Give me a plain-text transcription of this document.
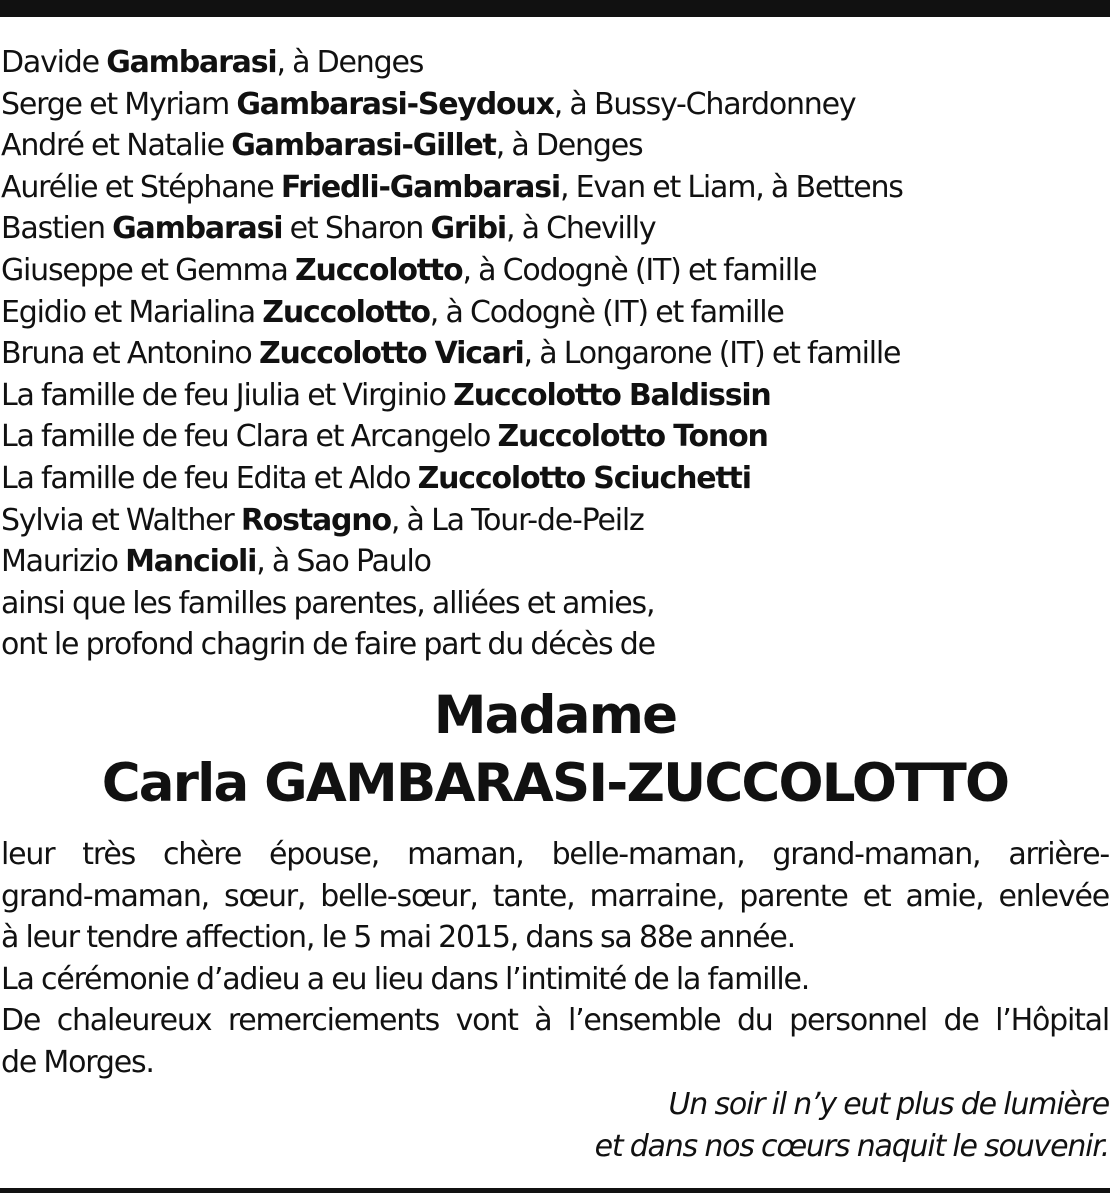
Davide Gambarasi, à Denges
Serge et Myriam Gambarasi-Seydoux, à Bussy-Chardonney
André et Natalie Gambarasi-Gillet, à Denges
Aurélie et Stéphane Friedli-Gambarasi, Evan et Liam, à Bettens
Bastien Gambarasi et Sharon Gribi, à Chevilly
Giuseppe et Gemma Zuccolotto, à Codognè (IT) et famille
Egidio et Marialina Zuccolotto, à Codognè (IT) et famille
Bruna et Antonino Zuccolotto Vicari, à Longarone (IT) et famille
La famille de feu Jiulia et Virginio Zuccolotto Baldissin
La famille de feu Clara et Arcangelo Zuccolotto Tonon
La famille de feu Edita et Aldo Zuccolotto Sciuchetti
Sylvia et Walther Rostagno, à La Tour-de-Peilz
Maurizio Mancioli, à Sao Paulo
ainsi que les familles parentes, alliées et amies,
ont le profond chagrin de faire part du décès de
Madame
Carla GAMBARASI-ZUCCOLOTTO
leur très chère épouse, maman, belle-maman, grand-maman, arrière-
grand-maman, sœur, belle-sœur, tante, marraine, parente et amie, enlevée
à leur tendre affection, le 5 mai 2015, dans sa 88e année.
La cérémonie d’adieu a eu lieu dans l’intimité de la famille.
De chaleureux remerciements vont à l’ensemble du personnel de l’Hôpital
de Morges.
Un soir il n’y eut plus de lumière
et dans nos cœurs naquit le souvenir.
